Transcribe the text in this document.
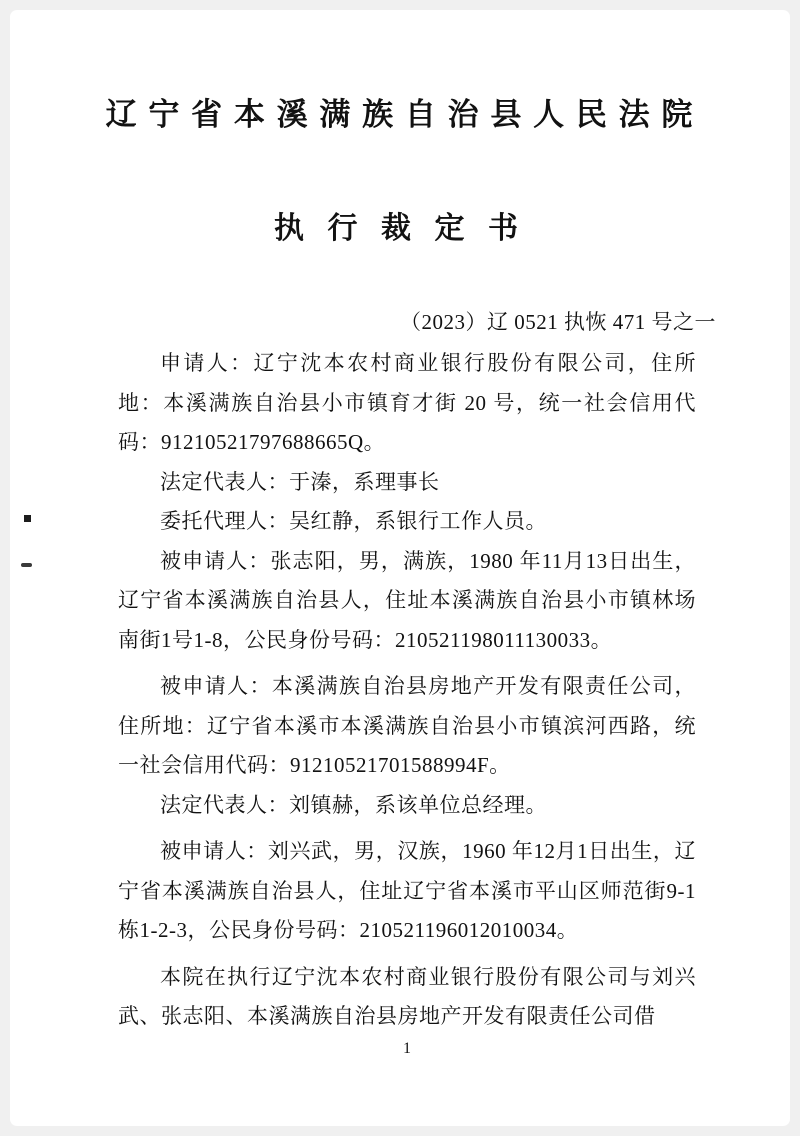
辽 宁 省 本 溪 满 族 自 治 县 人 民 法 院
执 行 裁 定 书
（2023）辽 0521 执恢 471 号之一

申请人：辽宁沈本农村商业银行股份有限公司，住所地：本溪满族自治县小市镇育才街 20 号，统一社会信用代码：91210521797688665Q。

法定代表人：于溱，系理事长

委托代理人：吴红静，系银行工作人员。

被申请人：张志阳，男，满族，1980 年11月13日出生，辽宁省本溪满族自治县人，住址本溪满族自治县小市镇林场南街1号1-8，公民身份号码：210521198011130033。

被申请人：本溪满族自治县房地产开发有限责任公司，住所地：辽宁省本溪市本溪满族自治县小市镇滨河西路，统一社会信用代码：91210521701588994F。

法定代表人：刘镇赫，系该单位总经理。

被申请人：刘兴武，男，汉族，1960 年12月1日出生，辽宁省本溪满族自治县人，住址辽宁省本溪市平山区师范街9-1栋1-2-3，公民身份号码：210521196012010034。

本院在执行辽宁沈本农村商业银行股份有限公司与刘兴武、张志阳、本溪满族自治县房地产开发有限责任公司借

1
